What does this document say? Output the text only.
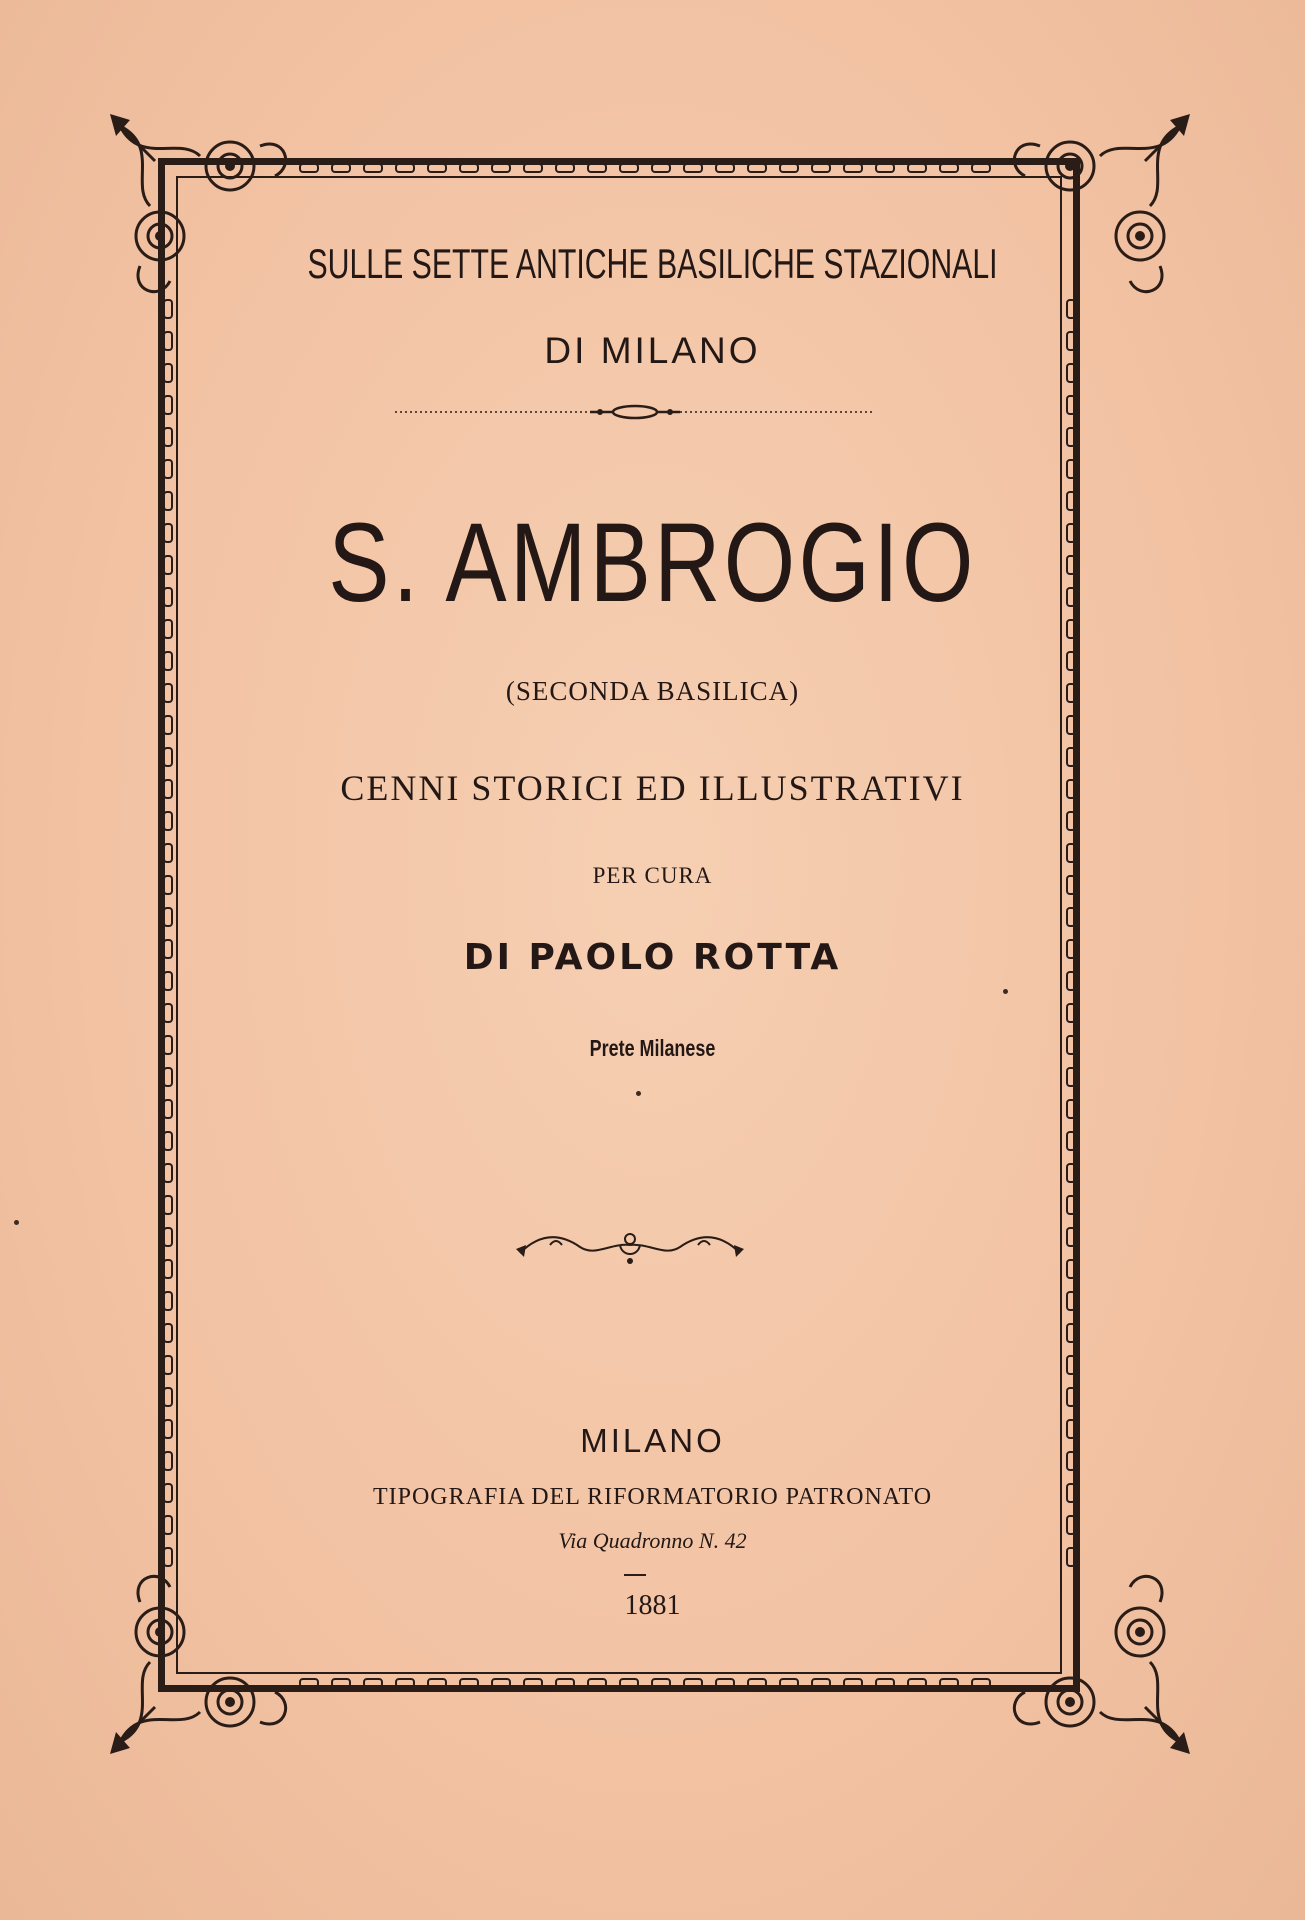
SULLE SETTE ANTICHE BASILICHE STAZIONALI
DI MILANO
S. AMBROGIO
(SECONDA BASILICA)
CENNI STORICI ED ILLUSTRATIVI
PER CURA
DI PAOLO ROTTA
Prete Milanese
MILANO
TIPOGRAFIA DEL RIFORMATORIO PATRONATO
Via Quadronno N. 42
1881
